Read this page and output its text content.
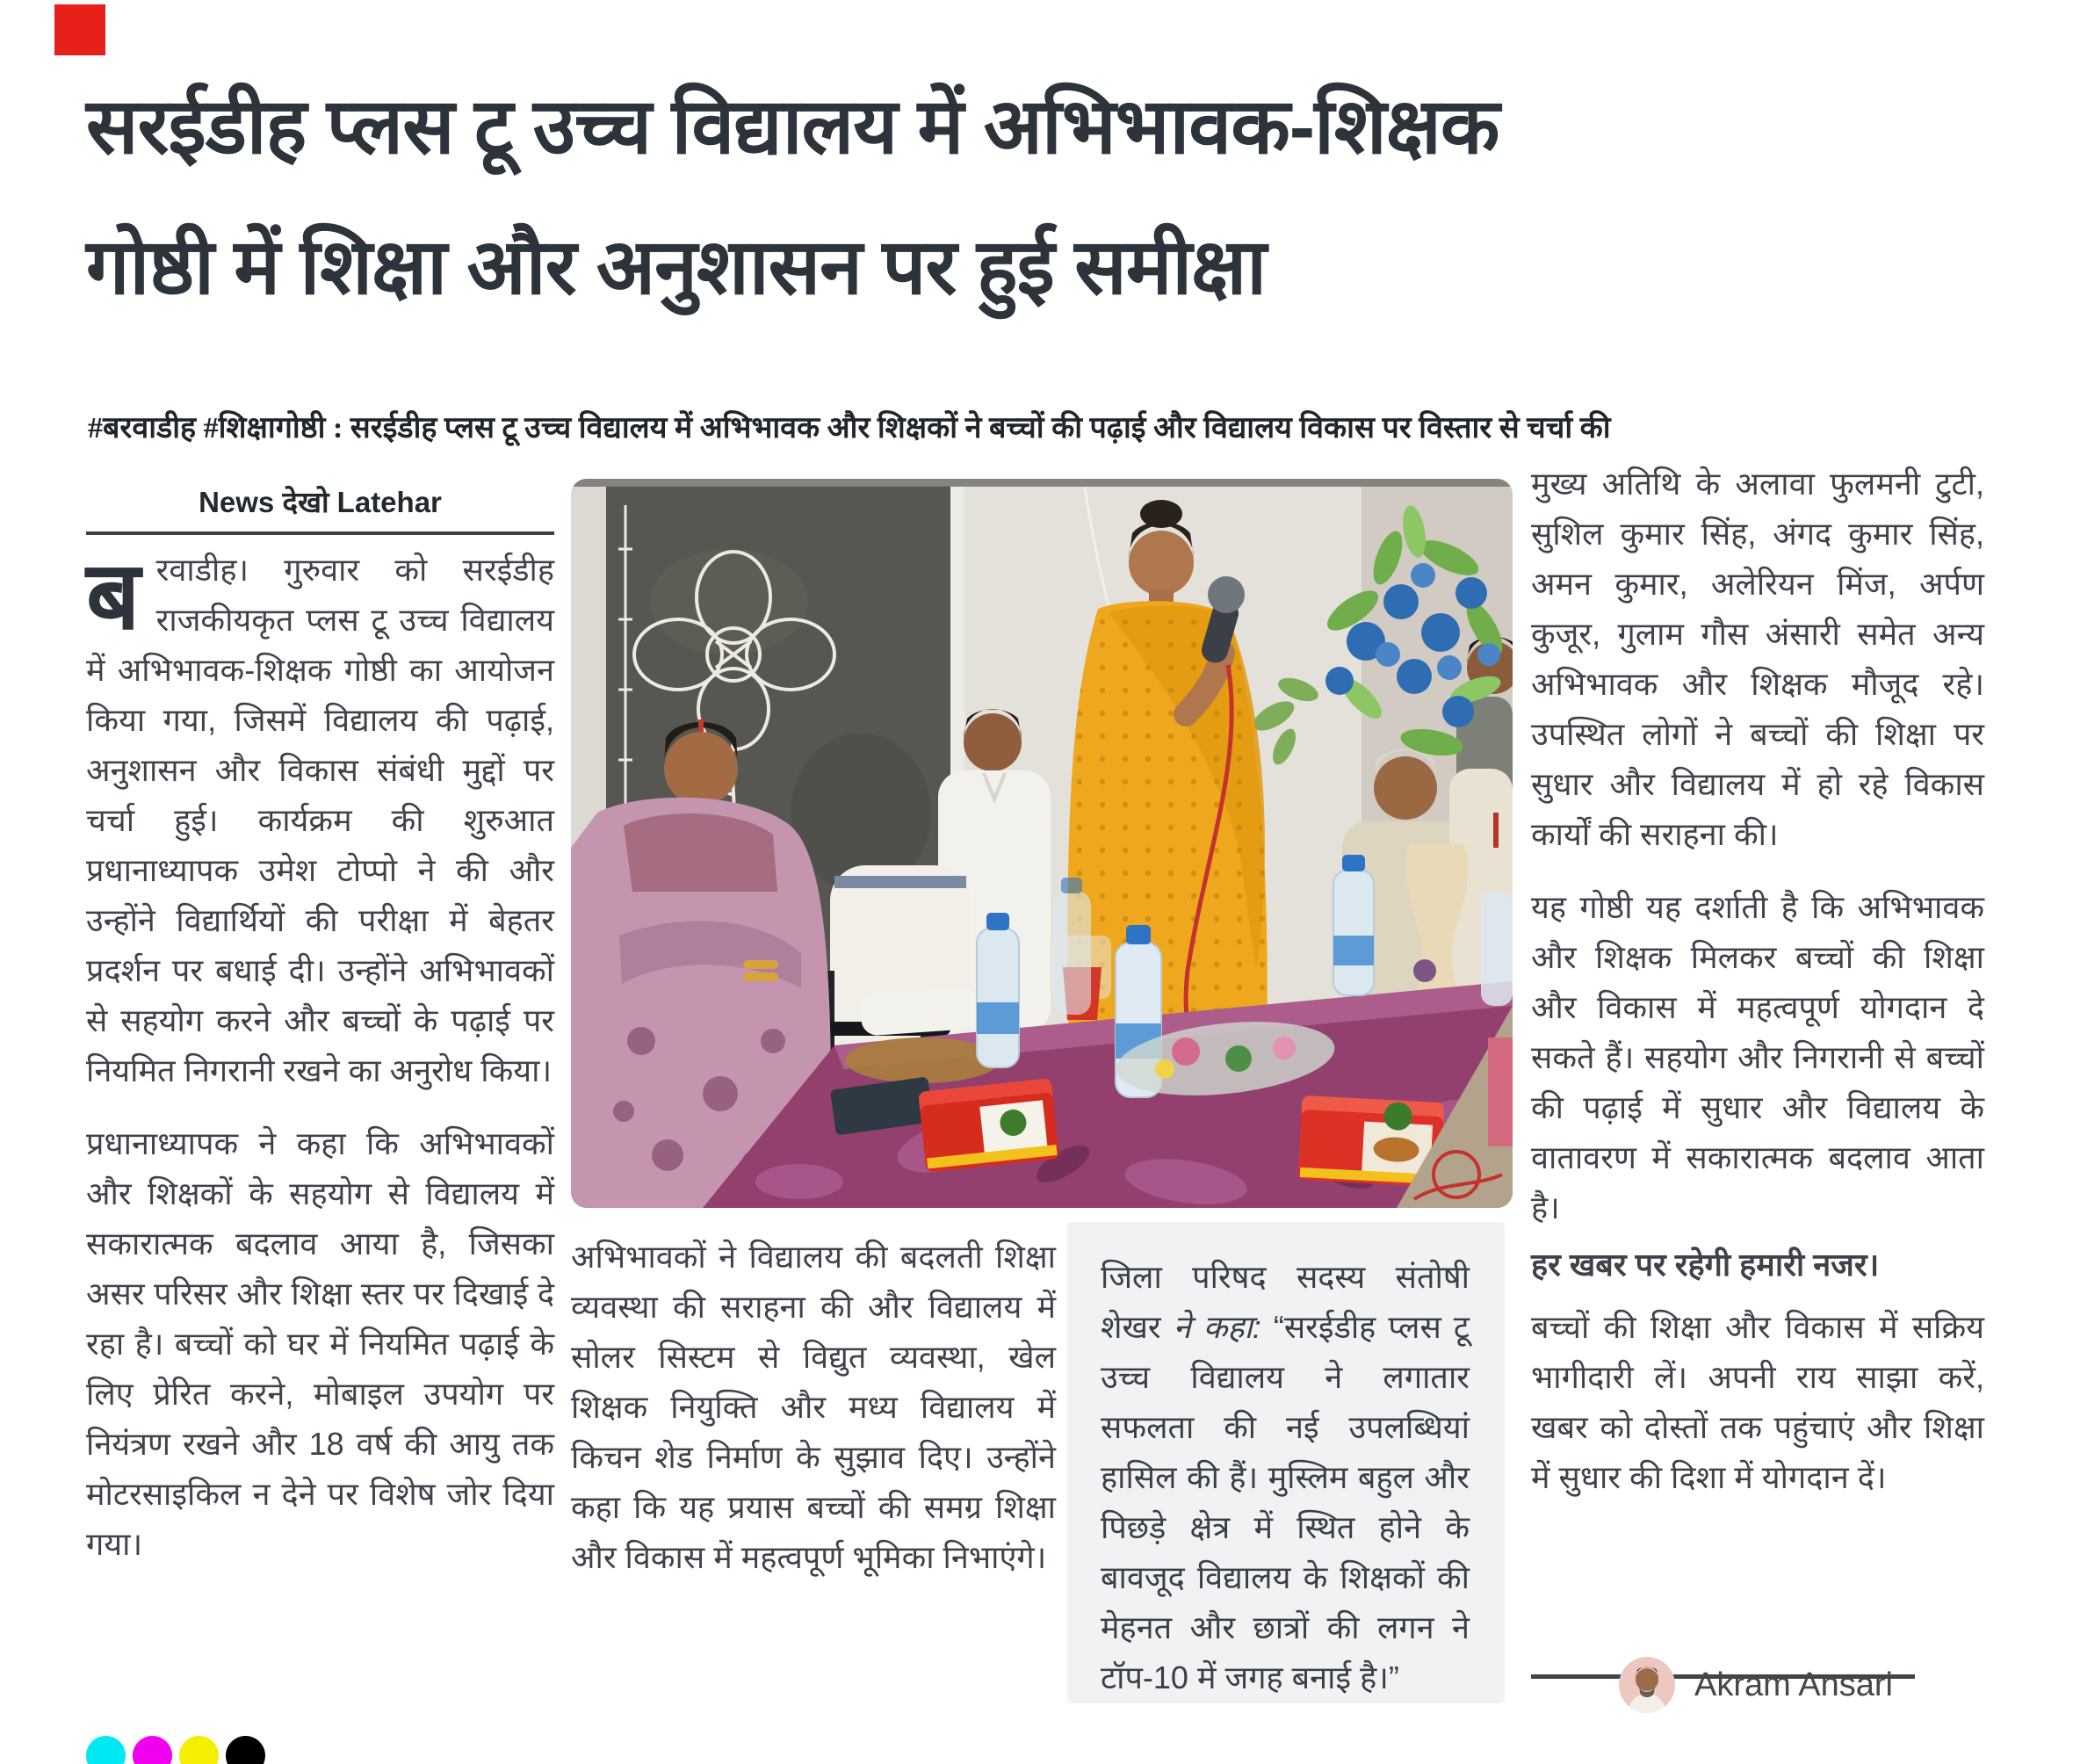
सरईडीह प्लस टू उच्च विद्यालय में अभिभावक-शिक्षक
गोष्ठी में शिक्षा और अनुशासन पर हुई समीक्षा
#बरवाडीह #शिक्षागोष्ठी : सरईडीह प्लस टू उच्च विद्यालय में अभिभावक और शिक्षकों ने बच्चों की पढ़ाई और विद्यालय विकास पर विस्तार से चर्चा की
News देखो Latehar

बरवाडीह। गुरुवार को सरईडीह राजकीयकृत प्लस टू उच्च विद्यालय में अभिभावक-शिक्षक गोष्ठी का आयोजन किया गया, जिसमें विद्यालय की पढ़ाई, अनुशासन और विकास संबंधी मुद्दों पर चर्चा हुई। कार्यक्रम की शुरुआत प्रधानाध्यापक उमेश टोप्पो ने की और उन्होंने विद्यार्थियों की परीक्षा में बेहतर प्रदर्शन पर बधाई दी। उन्होंने अभिभावकों से सहयोग करने और बच्चों के पढ़ाई पर नियमित निगरानी रखने का अनुरोध किया।

प्रधानाध्यापक ने कहा कि अभिभावकों और शिक्षकों के सहयोग से विद्यालय में सकारात्मक बदलाव आया है, जिसका असर परिसर और शिक्षा स्तर पर दिखाई दे रहा है। बच्चों को घर में नियमित पढ़ाई के लिए प्रेरित करने, मोबाइल उपयोग पर नियंत्रण रखने और 18 वर्ष की आयु तक मोटरसाइकिल न देने पर विशेष जोर दिया गया।

अभिभावकों ने विद्यालय की बदलती शिक्षा व्यवस्था की सराहना की और विद्यालय में सोलर सिस्टम से विद्युत व्यवस्था, खेल शिक्षक नियुक्ति और मध्य विद्यालय में किचन शेड निर्माण के सुझाव दिए। उन्होंने कहा कि यह प्रयास बच्चों की समग्र शिक्षा और विकास में महत्वपूर्ण भूमिका निभाएंगे।

जिला परिषद सदस्य संतोषी शेखर ने कहा: “सरईडीह प्लस टू उच्च विद्यालय ने लगातार सफलता की नई उपलब्धियां हासिल की हैं। मुस्लिम बहुल और पिछड़े क्षेत्र में स्थित होने के बावजूद विद्यालय के शिक्षकों की मेहनत और छात्रों की लगन ने टॉप-10 में जगह बनाई है।”

मुख्य अतिथि के अलावा फुलमनी टुटी, सुशिल कुमार सिंह, अंगद कुमार सिंह, अमन कुमार, अलेरियन मिंज, अर्पण कुजूर, गुलाम गौस अंसारी समेत अन्य अभिभावक और शिक्षक मौजूद रहे। उपस्थित लोगों ने बच्चों की शिक्षा पर सुधार और विद्यालय में हो रहे विकास कार्यों की सराहना की।

यह गोष्ठी यह दर्शाती है कि अभिभावक और शिक्षक मिलकर बच्चों की शिक्षा और विकास में महत्वपूर्ण योगदान दे सकते हैं। सहयोग और निगरानी से बच्चों की पढ़ाई में सुधार और विद्यालय के वातावरण में सकारात्मक बदलाव आता है।

हर खबर पर रहेगी हमारी नजर।

बच्चों की शिक्षा और विकास में सक्रिय भागीदारी लें। अपनी राय साझा करें, खबर को दोस्तों तक पहुंचाएं और शिक्षा में सुधार की दिशा में योगदान दें।

Akram Ansari
